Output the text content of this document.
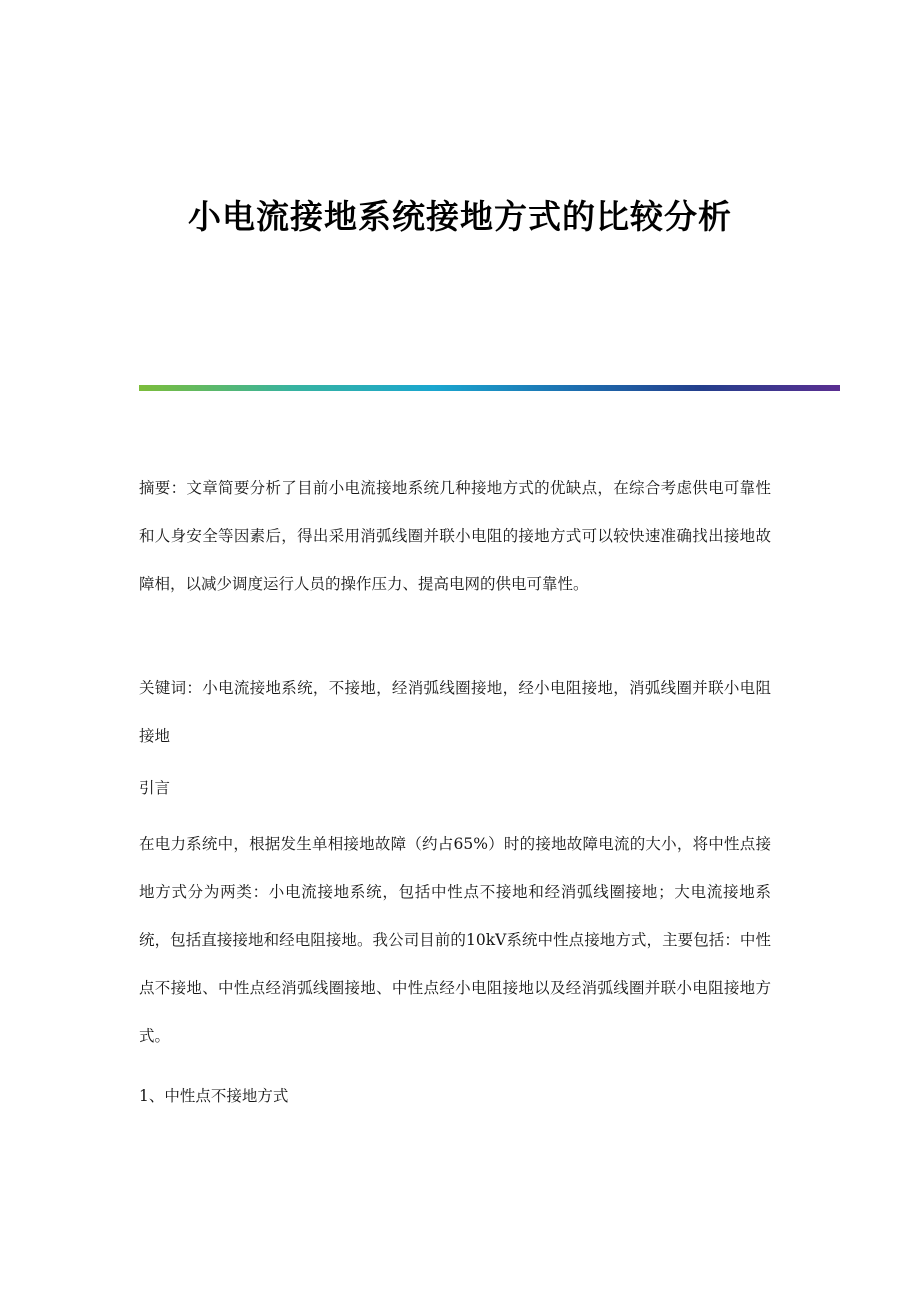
小电流接地系统接地方式的比较分析

摘要：文章简要分析了目前小电流接地系统几种接地方式的优缺点，在综合考虑供电可靠性和人身安全等因素后，得出采用消弧线圈并联小电阻的接地方式可以较快速准确找出接地故障相，以减少调度运行人员的操作压力、提高电网的供电可靠性。

关键词：小电流接地系统，不接地，经消弧线圈接地，经小电阻接地，消弧线圈并联小电阻接地

引言

在电力系统中，根据发生单相接地故障（约占65%）时的接地故障电流的大小，将中性点接地方式分为两类：小电流接地系统，包括中性点不接地和经消弧线圈接地；大电流接地系统，包括直接接地和经电阻接地。我公司目前的10kV系统中性点接地方式，主要包括：中性点不接地、中性点经消弧线圈接地、中性点经小电阻接地以及经消弧线圈并联小电阻接地方式。

1、中性点不接地方式
